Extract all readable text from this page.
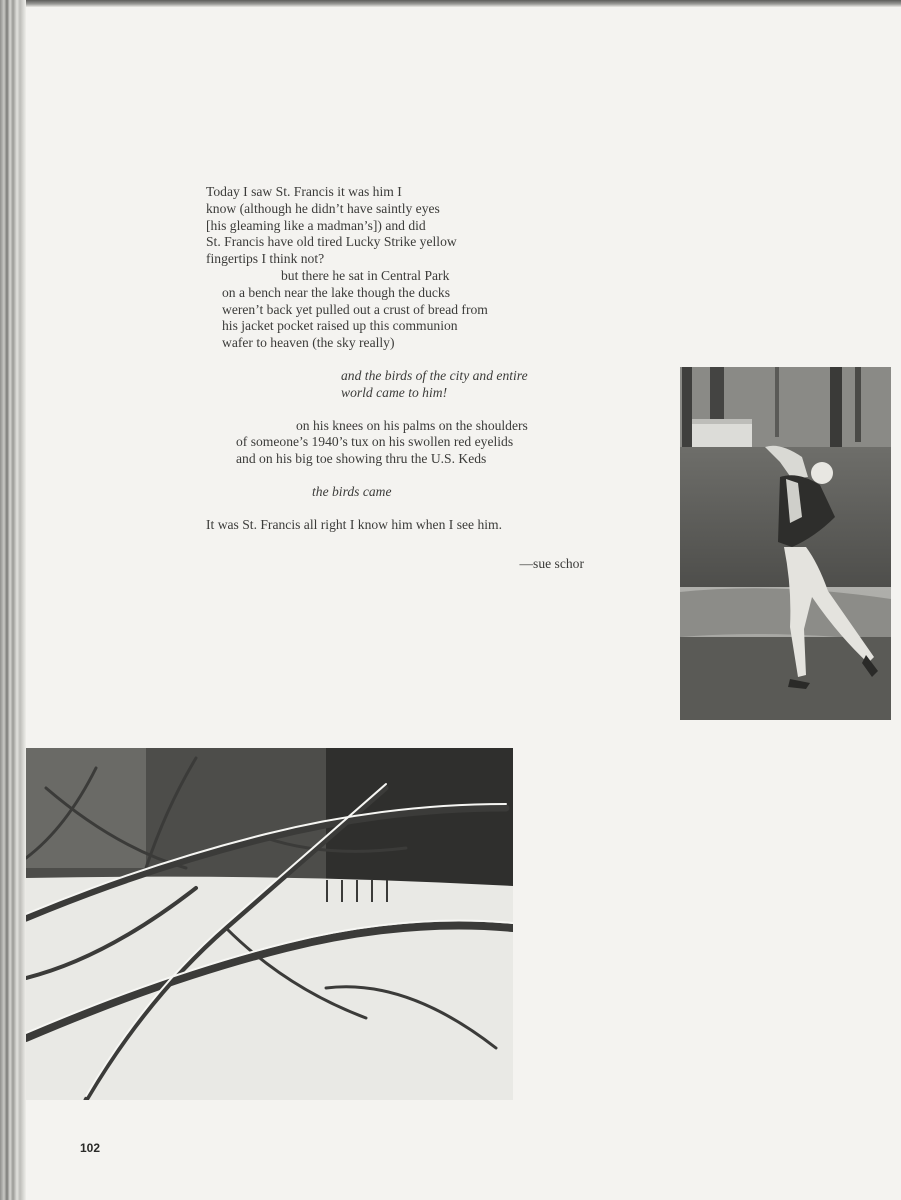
Today I saw St. Francis it was him I
know (although he didn’t have saintly eyes
[his gleaming like a madman’s]) and did
St. Francis have old tired Lucky Strike yellow
fingertips I think not?
but there he sat in Central Park
on a bench near the lake though the ducks
weren’t back yet pulled out a crust of bread from
his jacket pocket raised up this communion
wafer to heaven (the sky really)
and the birds of the city and entire
world came to him!
on his knees on his palms on the shoulders
of someone’s 1940’s tux on his swollen red eyelids
and on his big toe showing thru the U.S. Keds
the birds came
It was St. Francis all right I know him when I see him.
—sue schor
102
